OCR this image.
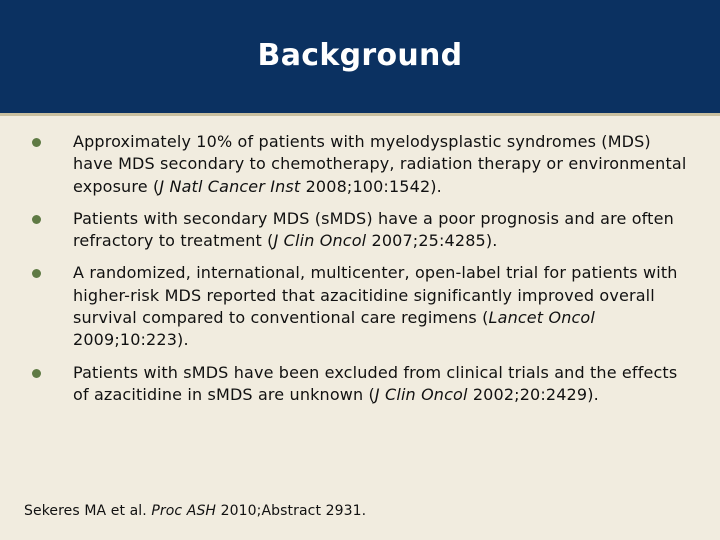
Background
Approximately 10% of patients with myelodysplastic syndromes (MDS) have MDS secondary to chemotherapy, radiation therapy or environmental exposure (J Natl Cancer Inst 2008;100:1542).
Patients with secondary MDS (sMDS) have a poor prognosis and are often refractory to treatment (J Clin Oncol 2007;25:4285).
A randomized, international, multicenter, open-label trial for patients with higher-risk MDS reported that azacitidine significantly improved overall survival compared to conventional care regimens (Lancet Oncol 2009;10:223).
Patients with sMDS have been excluded from clinical trials and the effects of azacitidine in sMDS are unknown (J Clin Oncol 2002;20:2429).
Sekeres MA et al. Proc ASH 2010;Abstract 2931.
